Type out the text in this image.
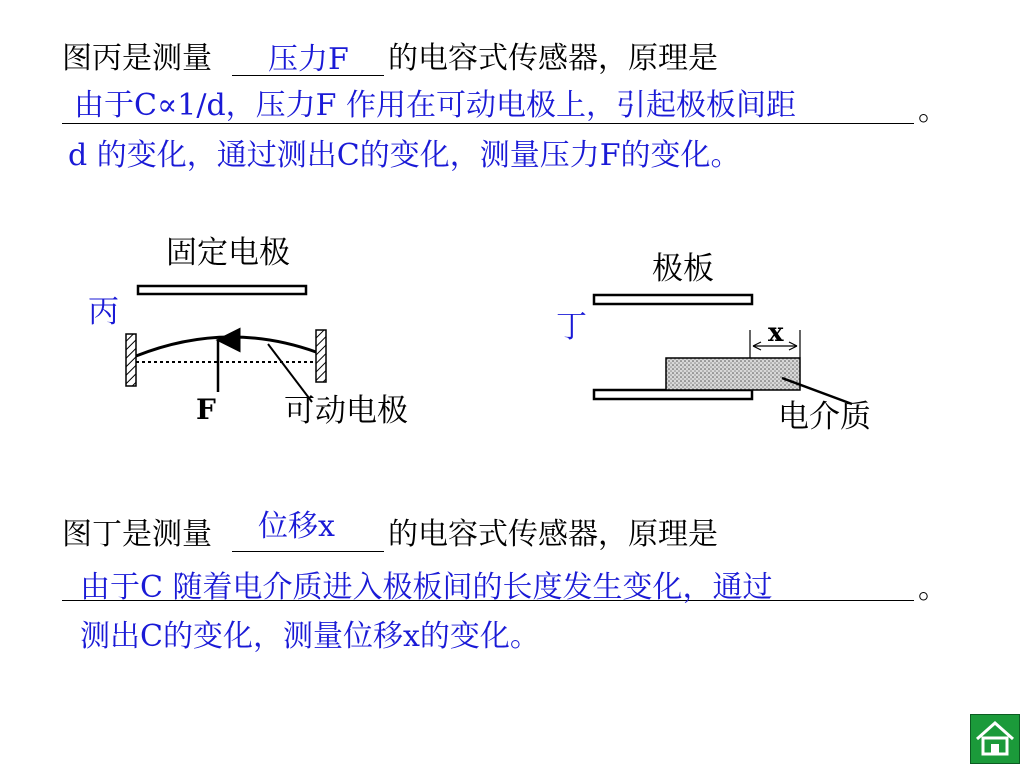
图丙是测量 压力F 的电容式传感器，原理是
由于C∝1/d，压力F 作用在可动电极上，引起极板间距	。
d 的变化，通过测出C的变化，测量压力F的变化。
固定电极
丙
F 可动电极
极板
丁	x
电介质
图丁是测量 位移x 的电容式传感器，原理是
由于C 随着电介质进入极板间的长度发生变化，通过	。
测出C的变化，测量位移x的变化。
